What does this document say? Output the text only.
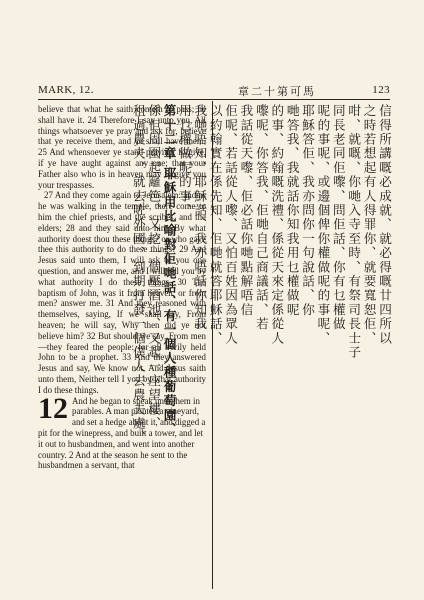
MARK, 12.	章二十第可馬	123

believe that what he saith cometh to pass; he shall have it. 24 Therefore I say unto you, All things whatsoever ye pray and ask for, believe that ye receive them, and ye shall have them. 25 And whensoever ye stand praying, forgive, if ye have aught against any one; that your Father also who is in heaven may forgive you your trespasses.

27 And they come again to Jerusalem: and as he was walking in the temple, there come to him the chief priests, and the scribes, and the elders; 28 and they said unto him, By what authority doest thou these things? or who gave thee this authority to do these things? 29 And Jesus said unto them, I will ask of you one question, and answer me, and I will tell you by what authority I do these things. 30 The baptism of John, was it from heaven, or from men? answer me. 31 And they reasoned with themselves, saying, If we shall say, From heaven; he will say, Why then did ye not believe him? 32 But should we say, From men—they feared the people: for all verily held John to be a prophet. 33 And they answered Jesus and say, We know not. And Jesus saith unto them, Neither tell I you by what authority I do these things.

12 And he began to speak unto them in parables. A man planted a vineyard, and set a hedge about it, and digged a pit for the winepress, and built a tower, and let it out to husbandmen, and went into another country. 2 And at the season he sent to the husbandmen a servant, that
信得所講嘅必成就、就必得嘅廿四所以
之時若想起有人得罪你、就要寬恕佢、
咁、就嘅、你哋入寺至時、有祭司長士子
同長老同佢嚟、問佢話、你有乜權做
呢的事呢、或邊個俾你權做呢的事呢、
耶穌答佢、我亦問你一句說話、你
哋答我、我就話你知我用乜權做呢
的事、約翰嘅洗禮、係從天來定係從人
嚟呢、你答我、佢哋自己商議話、若
我話從天嚟、佢必話你哋點解唔信
佢呢、若話從人嚟、又怕百姓因為眾人
以約翰實在係先知、佢哋就答耶穌話、
我哋唔知、耶穌話、我亦唔話你知我
用乜權做呢的事、
第十二章 耶穌用比喻對佢哋話、有一個人種葡萄園、
係佢周圍起籬笆、又挖一個壓酒池、又起一座望樓、
租過農夫、就去咗外國、到期打發一個僕人去農夫處、
